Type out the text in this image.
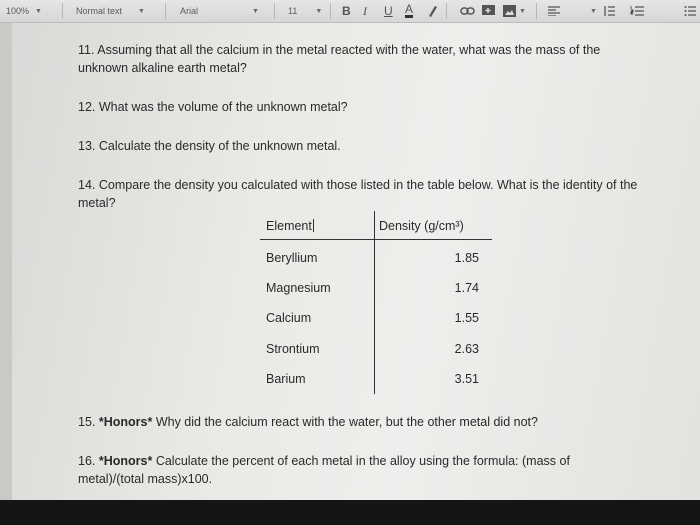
100% ▼	Normal text ▼	Arial	▼	11	▼ B I U A	▼	▼
11. Assuming that all the calcium in the metal reacted with the water, what was the mass of the unknown alkaline earth metal?
12. What was the volume of the unknown metal?
13. Calculate the density of the unknown metal.
14. Compare the density you calculated with those listed in the table below. What is the identity of the metal?
Element	Density (g/cm³)
Beryllium	1.85
Magnesium	1.74
Calcium	1.55
Strontium	2.63
Barium	3.51
15. *Honors* Why did the calcium react with the water, but the other metal did not?
16. *Honors* Calculate the percent of each metal in the alloy using the formula: (mass of metal)/(total mass)x100.
